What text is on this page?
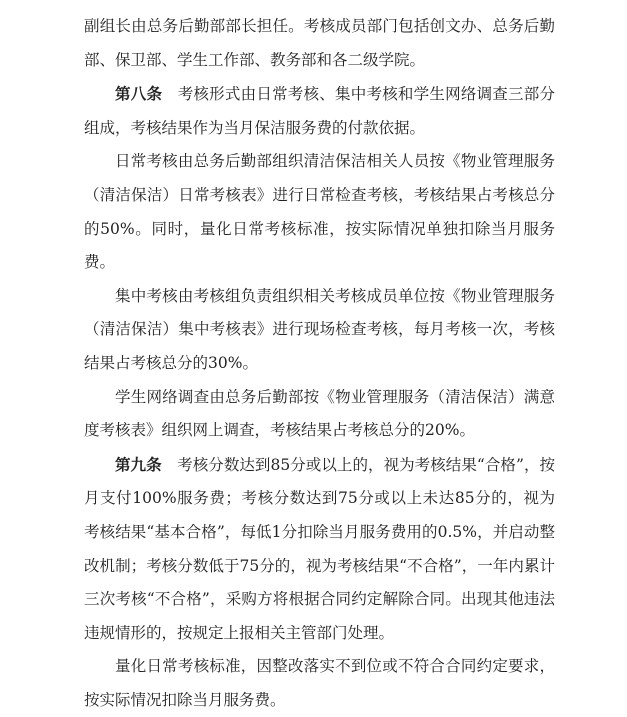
副组长由总务后勤部部长担任。考核成员部门包括创文办、总务后勤部、保卫部、学生工作部、教务部和各二级学院。

第八条 考核形式由日常考核、集中考核和学生网络调查三部分组成，考核结果作为当月保洁服务费的付款依据。

日常考核由总务后勤部组织清洁保洁相关人员按《物业管理服务（清洁保洁）日常考核表》进行日常检查考核，考核结果占考核总分的50%。同时，量化日常考核标准，按实际情况单独扣除当月服务费。

集中考核由考核组负责组织相关考核成员单位按《物业管理服务（清洁保洁）集中考核表》进行现场检查考核，每月考核一次，考核结果占考核总分的30%。

学生网络调查由总务后勤部按《物业管理服务（清洁保洁）满意度考核表》组织网上调查，考核结果占考核总分的20%。

第九条 考核分数达到85分或以上的，视为考核结果“合格”，按月支付100%服务费；考核分数达到75分或以上未达85分的，视为考核结果“基本合格”，每低1分扣除当月服务费用的0.5%，并启动整改机制；考核分数低于75分的，视为考核结果“不合格”，一年内累计三次考核“不合格”，采购方将根据合同约定解除合同。出现其他违法违规情形的，按规定上报相关主管部门处理。

量化日常考核标准，因整改落实不到位或不符合合同约定要求，按实际情况扣除当月服务费。
